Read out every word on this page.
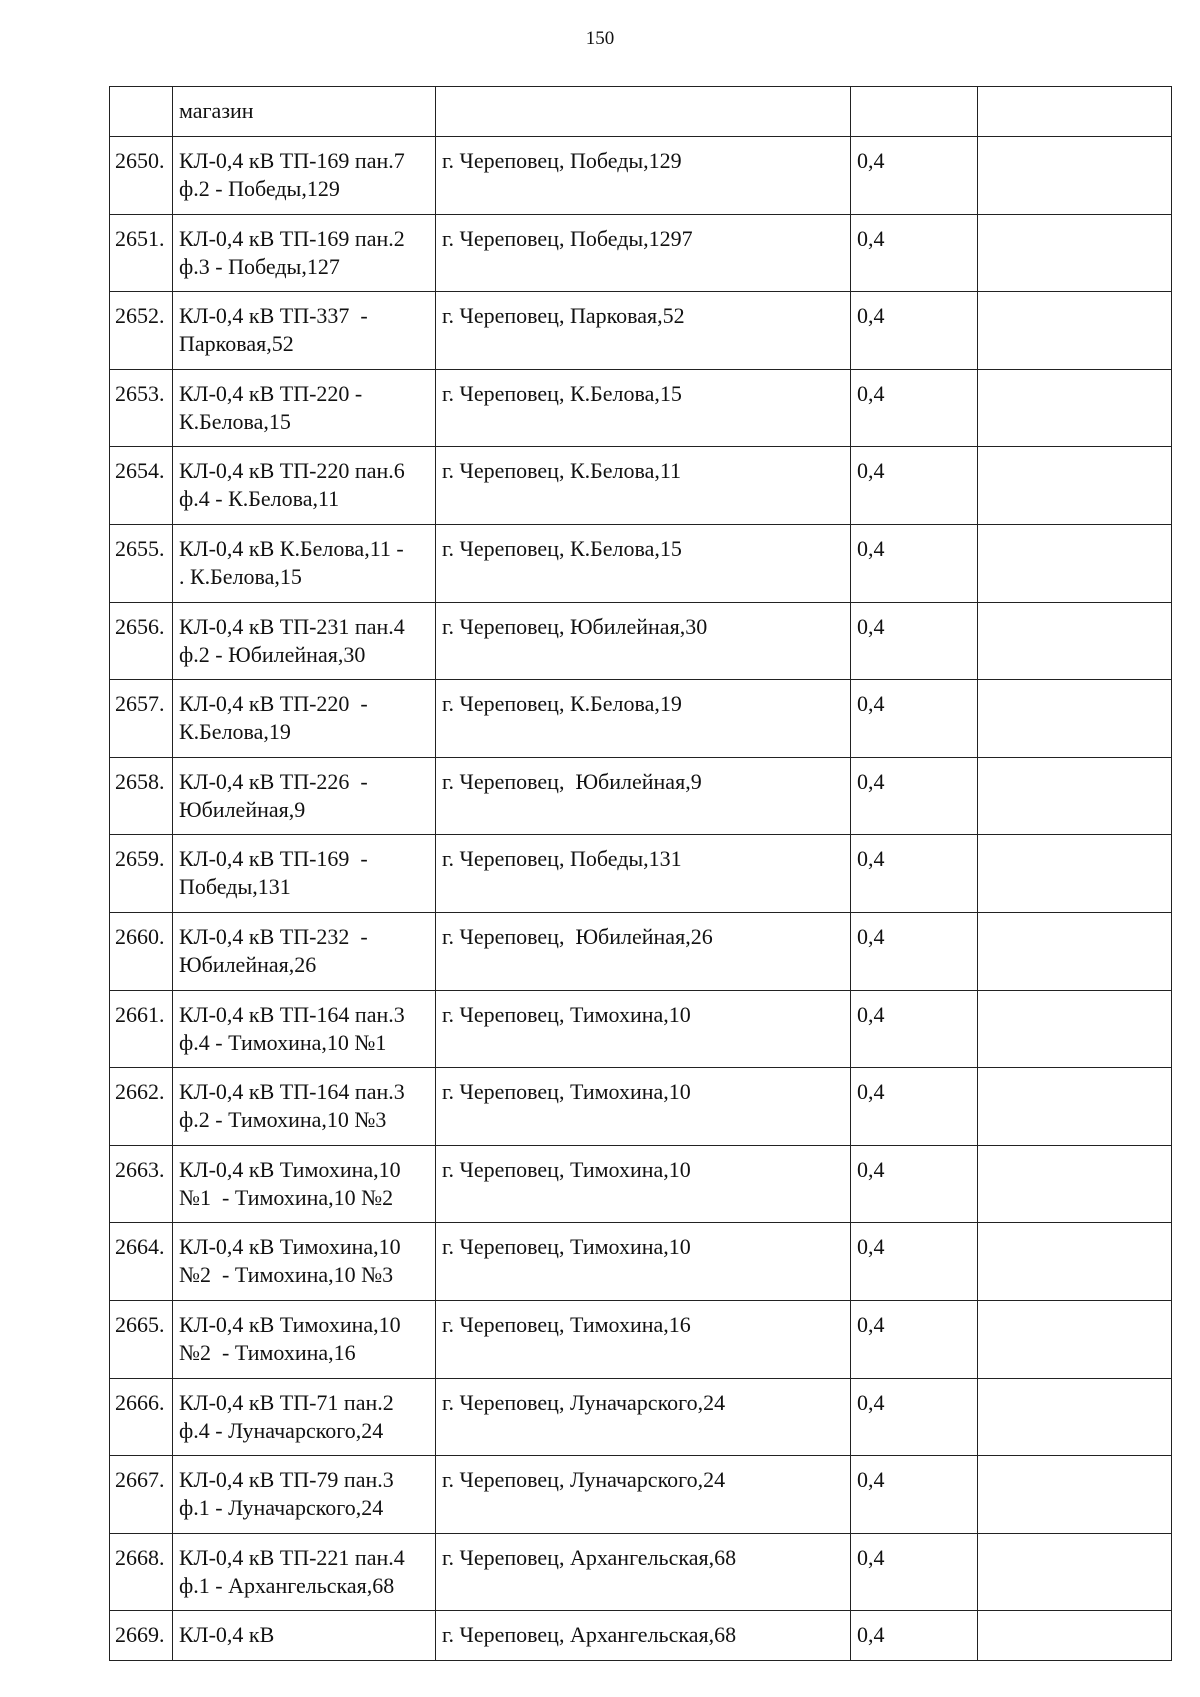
150
	магазин			
2650.	КЛ-0,4 кВ ТП-169 пан.7
ф.2 - Победы,129	г. Череповец, Победы,129	0,4	
2651.	КЛ-0,4 кВ ТП-169 пан.2
ф.3 - Победы,127	г. Череповец, Победы,1297	0,4	
2652.	КЛ-0,4 кВ ТП-337  -
Парковая,52	г. Череповец, Парковая,52	0,4	
2653.	КЛ-0,4 кВ ТП-220 -
К.Белова,15	г. Череповец, К.Белова,15	0,4	
2654.	КЛ-0,4 кВ ТП-220 пан.6
ф.4 - К.Белова,11	г. Череповец, К.Белова,11	0,4	
2655.	КЛ-0,4 кВ К.Белова,11 -
. К.Белова,15	г. Череповец, К.Белова,15	0,4	
2656.	КЛ-0,4 кВ ТП-231 пан.4
ф.2 - Юбилейная,30	г. Череповец, Юбилейная,30	0,4	
2657.	КЛ-0,4 кВ ТП-220  -
К.Белова,19	г. Череповец, К.Белова,19	0,4	
2658.	КЛ-0,4 кВ ТП-226  -
Юбилейная,9	г. Череповец,  Юбилейная,9	0,4	
2659.	КЛ-0,4 кВ ТП-169  -
Победы,131	г. Череповец, Победы,131	0,4	
2660.	КЛ-0,4 кВ ТП-232  -
Юбилейная,26	г. Череповец,  Юбилейная,26	0,4	
2661.	КЛ-0,4 кВ ТП-164 пан.3
ф.4 - Тимохина,10 №1	г. Череповец, Тимохина,10	0,4	
2662.	КЛ-0,4 кВ ТП-164 пан.3
ф.2 - Тимохина,10 №3	г. Череповец, Тимохина,10	0,4	
2663.	КЛ-0,4 кВ Тимохина,10
№1  - Тимохина,10 №2	г. Череповец, Тимохина,10	0,4	
2664.	КЛ-0,4 кВ Тимохина,10
№2  - Тимохина,10 №3	г. Череповец, Тимохина,10	0,4	
2665.	КЛ-0,4 кВ Тимохина,10
№2  - Тимохина,16	г. Череповец, Тимохина,16	0,4	
2666.	КЛ-0,4 кВ ТП-71 пан.2
ф.4 - Луначарского,24	г. Череповец, Луначарского,24	0,4	
2667.	КЛ-0,4 кВ ТП-79 пан.3
ф.1 - Луначарского,24	г. Череповец, Луначарского,24	0,4	
2668.	КЛ-0,4 кВ ТП-221 пан.4
ф.1 - Архангельская,68	г. Череповец, Архангельская,68	0,4	
2669.	КЛ-0,4 кВ	г. Череповец, Архангельская,68	0,4	
